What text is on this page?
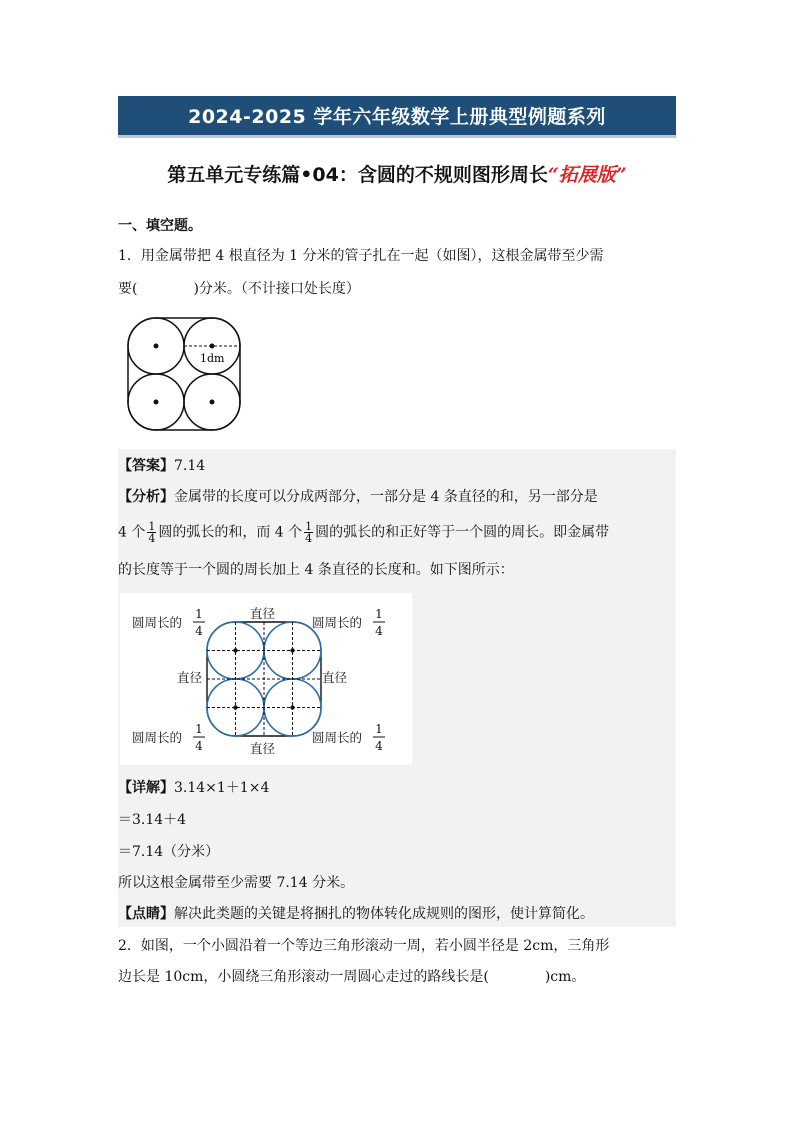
2024-2025 学年六年级数学上册典型例题系列
第五单元专练篇•04：含圆的不规则图形周长“拓展版”
一、填空题。
1．用金属带把 4 根直径为 1 分米的管子扎在一起（如图），这根金属带至少需
要(　　　　)分米。（不计接口处长度）
1dm
【答案】7.14
【分析】金属带的长度可以分成两部分，一部分是 4 条直径的和，另一部分是
4 个 $\frac{1}{4}$ 圆的弧长的和，而 4 个 $\frac{1}{4}$ 圆的弧长的和正好等于一个圆的周长。即金属带
的长度等于一个圆的周长加上 4 条直径的长度和。如下图所示：
直径
直径
直径	直径
圆周长的	圆周长的
圆周长的	圆周长的
1
4
1
4
1
4
1
4
【详解】3.14×1＋1×4
＝3.14＋4
＝7.14（分米）
所以这根金属带至少需要 7.14 分米。
【点睛】解决此类题的关键是将捆扎的物体转化成规则的图形，使计算简化。
2．如图，一个小圆沿着一个等边三角形滚动一周，若小圆半径是 2cm，三角形
边长是 10cm，小圆绕三角形滚动一周圆心走过的路线长是(　　　　)cm。
